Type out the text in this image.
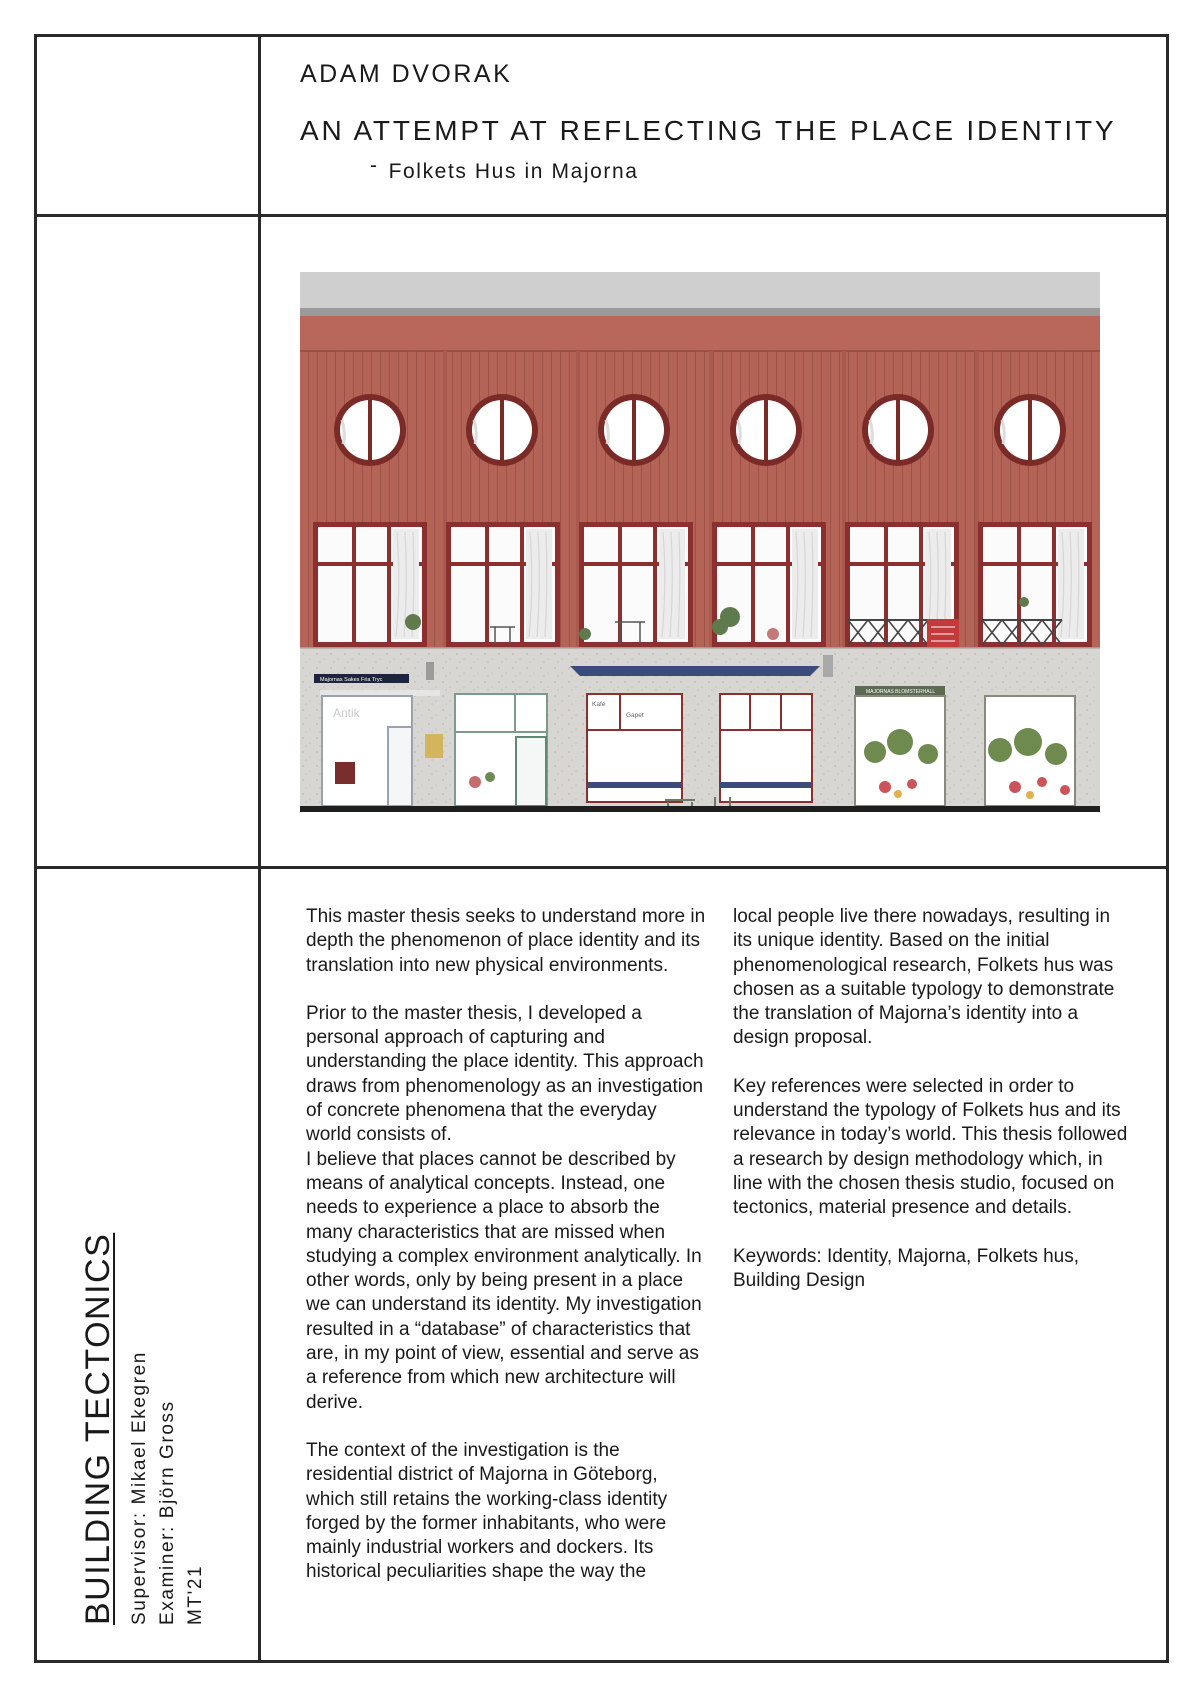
ADAM DVORAK
AN ATTEMPT AT REFLECTING THE PLACE IDENTITY
- Folkets Hus in Majorna
Majornas Sakes Fria Tryc
Antik
Kafé
Gapet
MAJORNAS BLOMSTERHALL

This master thesis seeks to understand more in depth the phenomenon of place identity and its translation into new physical environments.

Prior to the master thesis, I developed a personal approach of capturing and understanding the place identity. This approach draws from phenomenology as an investigation of concrete phenomena that the everyday world consists of.

I believe that places cannot be described by means of analytical concepts. Instead, one needs to experience a place to absorb the many characteristics that are missed when studying a complex environment analytically. In other words, only by being present in a place we can understand its identity. My investigation resulted in a “database” of characteristics that are, in my point of view, essential and serve as a reference from which new architecture will derive.

The context of the investigation is the residential district of Majorna in Göteborg, which still retains the working-class identity forged by the former inhabitants, who were mainly industrial workers and dockers. Its historical peculiarities shape the way the

local people live there nowadays, resulting in its unique identity. Based on the initial phenomenological research, Folkets hus was chosen as a suitable typology to demonstrate the translation of Majorna’s identity into a design proposal.

Key references were selected in order to understand the typology of Folkets hus and its relevance in today’s world. This thesis followed a research by design methodology which, in line with the chosen thesis studio, focused on tectonics, material presence and details.

Keywords: Identity, Majorna, Folkets hus, Building Design

BUILDING TECTONICS Supervisor: Mikael Ekegren Examiner: Björn Gross MT'21
